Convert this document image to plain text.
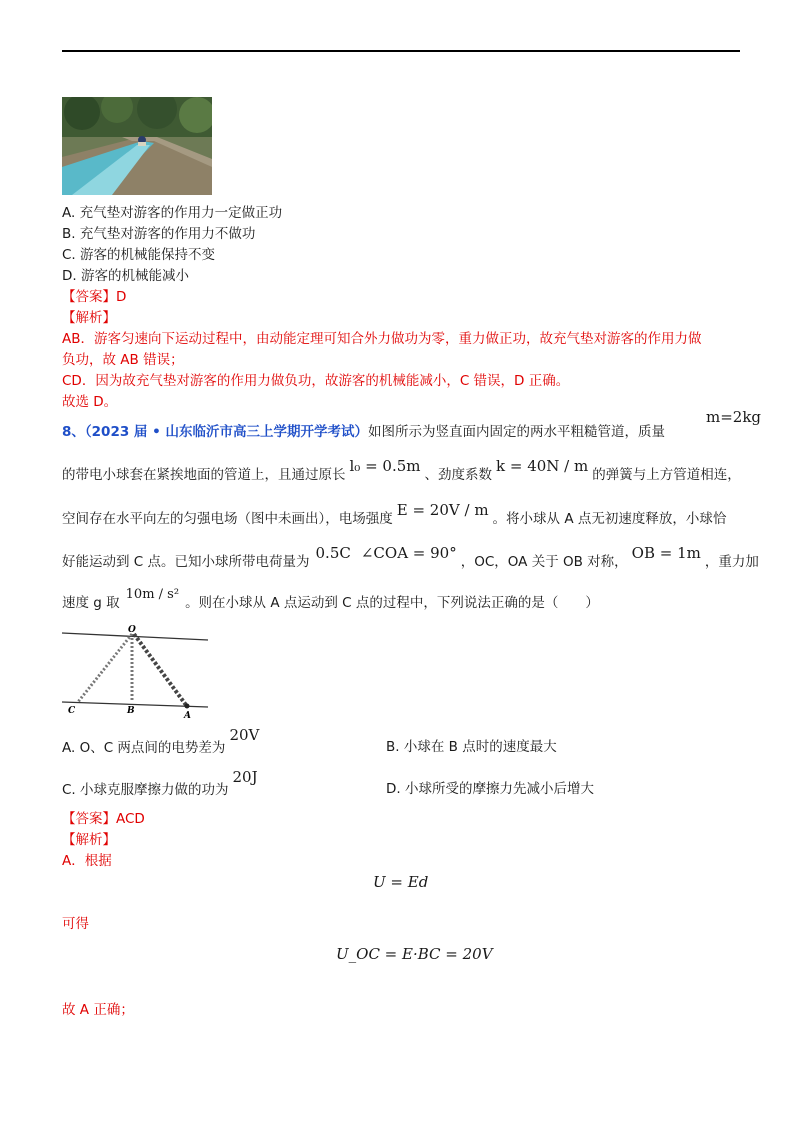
A. 充气垫对游客的作用力一定做正功
B. 充气垫对游客的作用力不做功
C. 游客的机械能保持不变
D. 游客的机械能减小
【答案】D
【解析】
AB．游客匀速向下运动过程中，由动能定理可知合外力做功为零，重力做正功，故充气垫对游客的作用力做
负功，故 AB 错误；
CD．因为故充气垫对游客的作用力做负功，故游客的机械能减小，C 错误，D 正确。
故选 D。
8、（2023 届 • 山东临沂市高三上学期开学考试）如图所示为竖直面内固定的两水平粗糙管道，质量
m=2kg
的带电小球套在紧挨地面的管道上，且通过原长 l₀ = 0.5m 、劲度系数 k = 40N / m 的弹簧与上方管道相连，
空间存在水平向左的匀强电场（图中未画出），电场强度 E = 20V / m 。将小球从 A 点无初速度释放，小球恰
好能运动到 C 点。已知小球所带电荷量为 0.5C ∠COA = 90° ，OC，OA 关于 OB 对称， OB = 1m ，重力加
速度 g 取10m / s²。则在小球从 A 点运动到 C 点的过程中，下列说法正确的是（　　）
O
C	B	A
A. O、C 两点间的电势差为20V
B. 小球在 B 点时的速度最大
C. 小球克服摩擦力做的功为20J
D. 小球所受的摩擦力先减小后增大
【答案】ACD
【解析】
A．根据
U = Ed
可得
U_OC = E·BC = 20V
故 A 正确；
